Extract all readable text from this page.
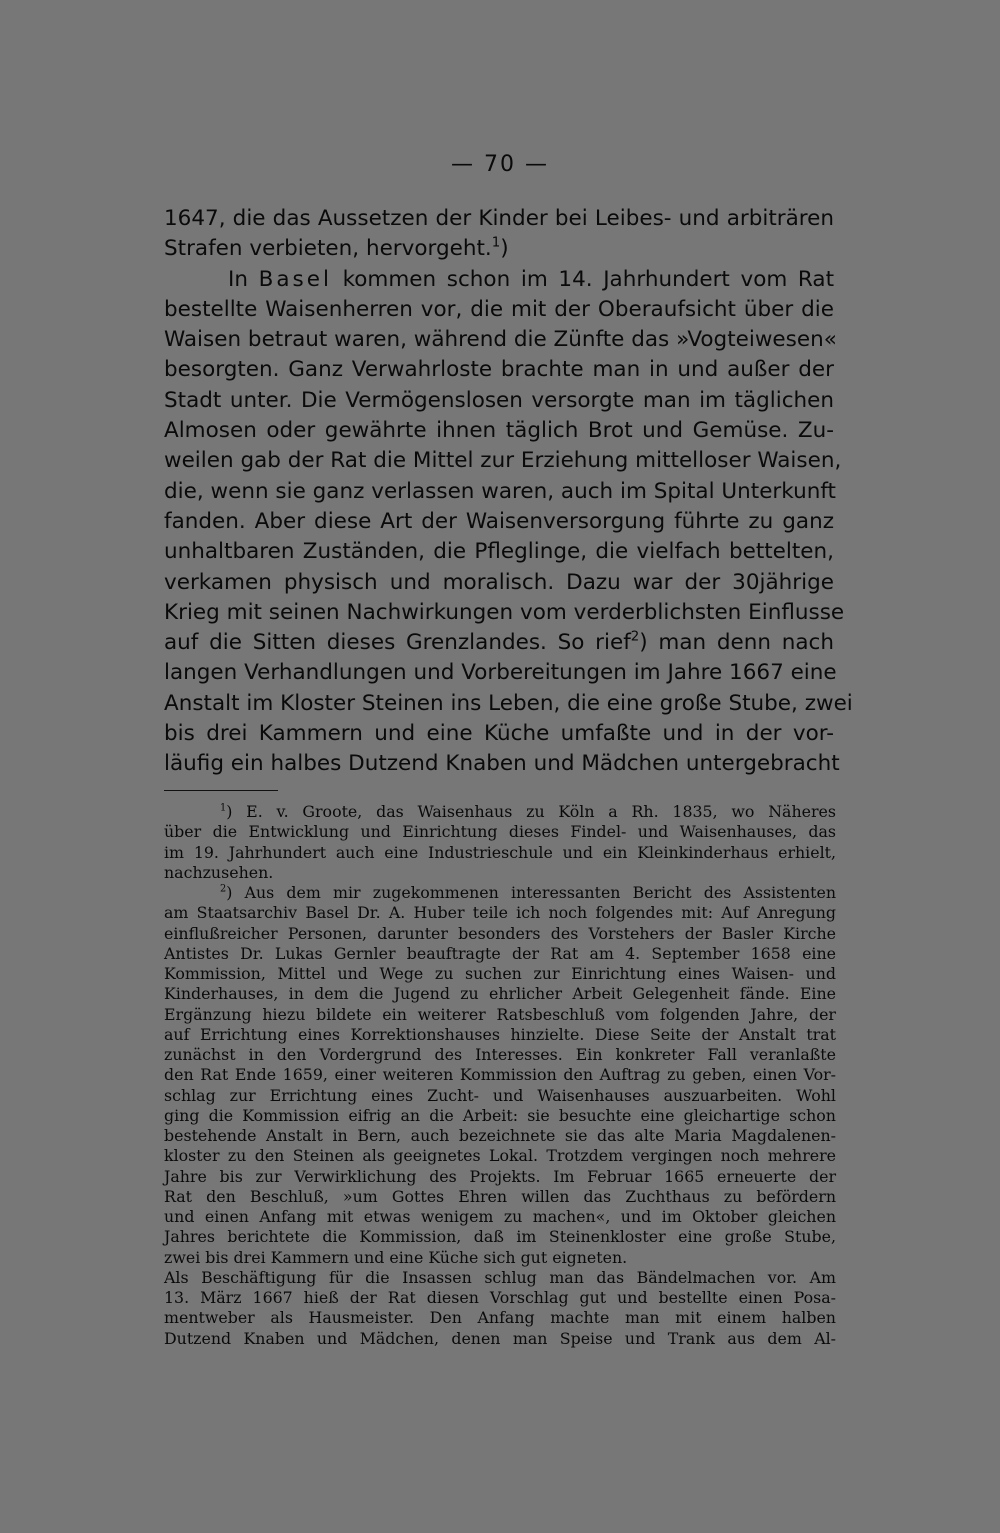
— 70 —
1647, die das Aussetzen der Kinder bei Leibes- und arbiträren
Strafen verbieten, hervorgeht.$^1$)
In Basel kommen schon im 14. Jahrhundert vom Rat
bestellte Waisenherren vor, die mit der Oberaufsicht über die
Waisen betraut waren, während die Zünfte das »Vogteiwesen«
besorgten. Ganz Verwahrloste brachte man in und außer der
Stadt unter. Die Vermögenslosen versorgte man im täglichen
Almosen oder gewährte ihnen täglich Brot und Gemüse. Zu-
weilen gab der Rat die Mittel zur Erziehung mittelloser Waisen,
die, wenn sie ganz verlassen waren, auch im Spital Unterkunft
fanden. Aber diese Art der Waisenversorgung führte zu ganz
unhaltbaren Zuständen, die Pflеglinge, die vielfach bettelten,
verkamen physisch und moralisch. Dazu war der 30jährige
Krieg mit seinen Nachwirkungen vom verderblichsten Einflusse
auf die Sitten dieses Grenzlandes. So rief$^2$) man denn nach
langen Verhandlungen und Vorbereitungen im Jahre 1667 eine
Anstalt im Kloster Steinen ins Leben, die eine große Stube, zwei
bis drei Kammern und eine Küche umfaßte und in der vor-
läufig ein halbes Dutzend Knaben und Mädchen untergebracht
$^1$) E. v. Groote, das Waisenhaus zu Köln a Rh. 1835, wo Näheres
über die Entwicklung und Einrichtung dieses Findel- und Waisenhauses, das
im 19. Jahrhundert auch eine Industrieschule und ein Kleinkinderhaus erhielt,
nachzusehen.
$^2$) Aus dem mir zugekommenen interessanten Bericht des Assistenten
am Staatsarchiv Basel Dr. A. Huber teile ich noch folgendes mit: Auf Anregung
einflußreicher Personen, darunter besonders des Vorstehers der Basler Kirche
Antistes Dr. Lukas Gernler beauftragte der Rat am 4. September 1658 eine
Kommission, Mittel und Wege zu suchen zur Einrichtung eines Waisen- und
Kinderhauses, in dem die Jugend zu ehrlicher Arbeit Gelegenheit fände. Eine
Ergänzung hiezu bildete ein weiterer Ratsbeschluß vom folgenden Jahre, der
auf Errichtung eines Korrektionshauses hinzielte. Diese Seite der Anstalt trat
zunächst in den Vordergrund des Interesses. Ein konkreter Fall veranlaßte
den Rat Ende 1659, einer weiteren Kommission den Auftrag zu geben, einen Vor-
schlag zur Errichtung eines Zucht- und Waisenhauses auszuarbeiten. Wohl
ging die Kommission eifrig an die Arbeit: sie besuchte eine gleichartige schon
bestehende Anstalt in Bern, auch bezeichnete sie das alte Maria Magdalenen-
kloster zu den Steinen als geeignetes Lokal. Trotzdem vergingen noch mehrere
Jahre bis zur Verwirklichung des Projekts. Im Februar 1665 erneuerte der
Rat den Beschluß, »um Gottes Ehren willen das Zuchthaus zu befördern
und einen Anfang mit etwas wenigem zu machen«, und im Oktober gleichen
Jahres berichtete die Kommission, daß im Steinenkloster eine große Stube,
zwei bis drei Kammern und eine Küche sich gut eigneten.
Als Beschäftigung für die Insassen schlug man das Bändelmachen vor. Am
13. März 1667 hieß der Rat diesen Vorschlag gut und bestellte einen Posa-
mentweber als Hausmeister. Den Anfang machte man mit einem halben
Dutzend Knaben und Mädchen, denen man Speise und Trank aus dem Al-
